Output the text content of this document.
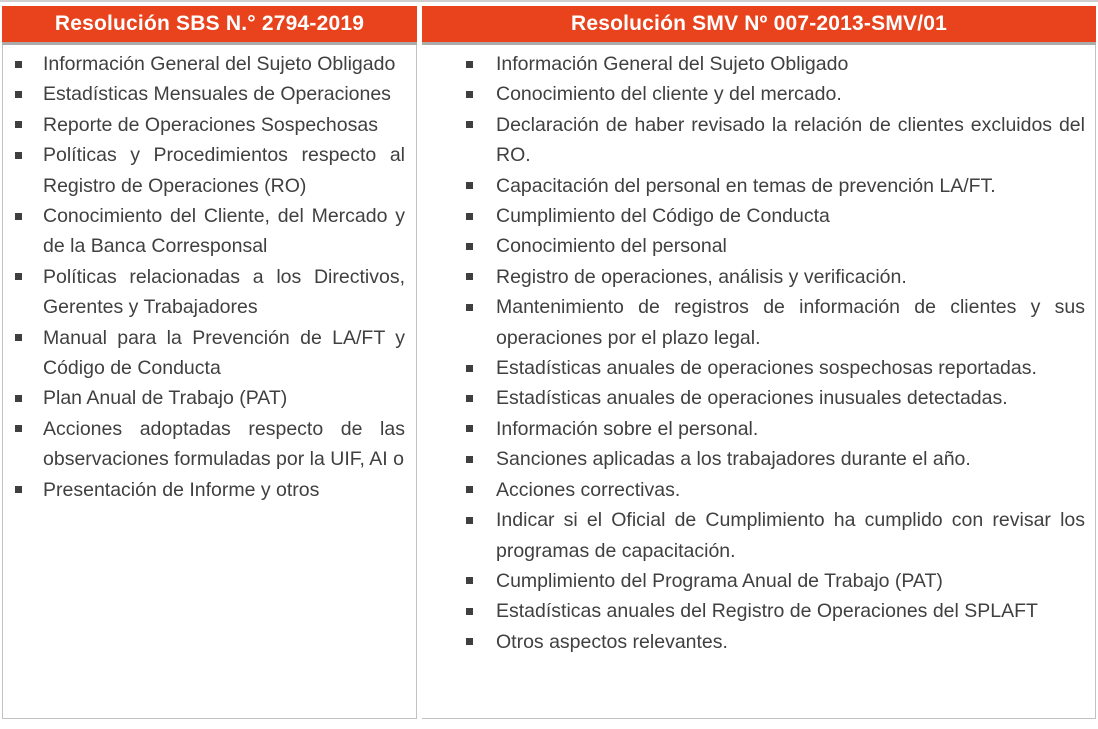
Resolución SBS N.° 2794-2019	Resolución SMV Nº 007-2013-SMV/01
Información General del Sujeto Obligado
Estadísticas Mensuales de Operaciones
Reporte de Operaciones Sospechosas
Políticas y Procedimientos respecto al Registro de Operaciones (RO)
Conocimiento del Cliente, del Mercado y de la Banca Corresponsal
Políticas relacionadas a los Directivos, Gerentes y Trabajadores
Manual para la Prevención de LA/FT y Código de Conducta
Plan Anual de Trabajo (PAT)
Acciones adoptadas respecto de las observaciones formuladas por la UIF, AI o
Presentación de Informe y otros
Información General del Sujeto Obligado
Conocimiento del cliente y del mercado.
Declaración de haber revisado la relación de clientes excluidos del RO.
Capacitación del personal en temas de prevención LA/FT.
Cumplimiento del Código de Conducta
Conocimiento del personal
Registro de operaciones, análisis y verificación.
Mantenimiento de registros de información de clientes y sus operaciones por el plazo legal.
Estadísticas anuales de operaciones sospechosas reportadas.
Estadísticas anuales de operaciones inusuales detectadas.
Información sobre el personal.
Sanciones aplicadas a los trabajadores durante el año.
Acciones correctivas.
Indicar si el Oficial de Cumplimiento ha cumplido con revisar los programas de capacitación.
Cumplimiento del Programa Anual de Trabajo (PAT)
Estadísticas anuales del Registro de Operaciones del SPLAFT
Otros aspectos relevantes.
